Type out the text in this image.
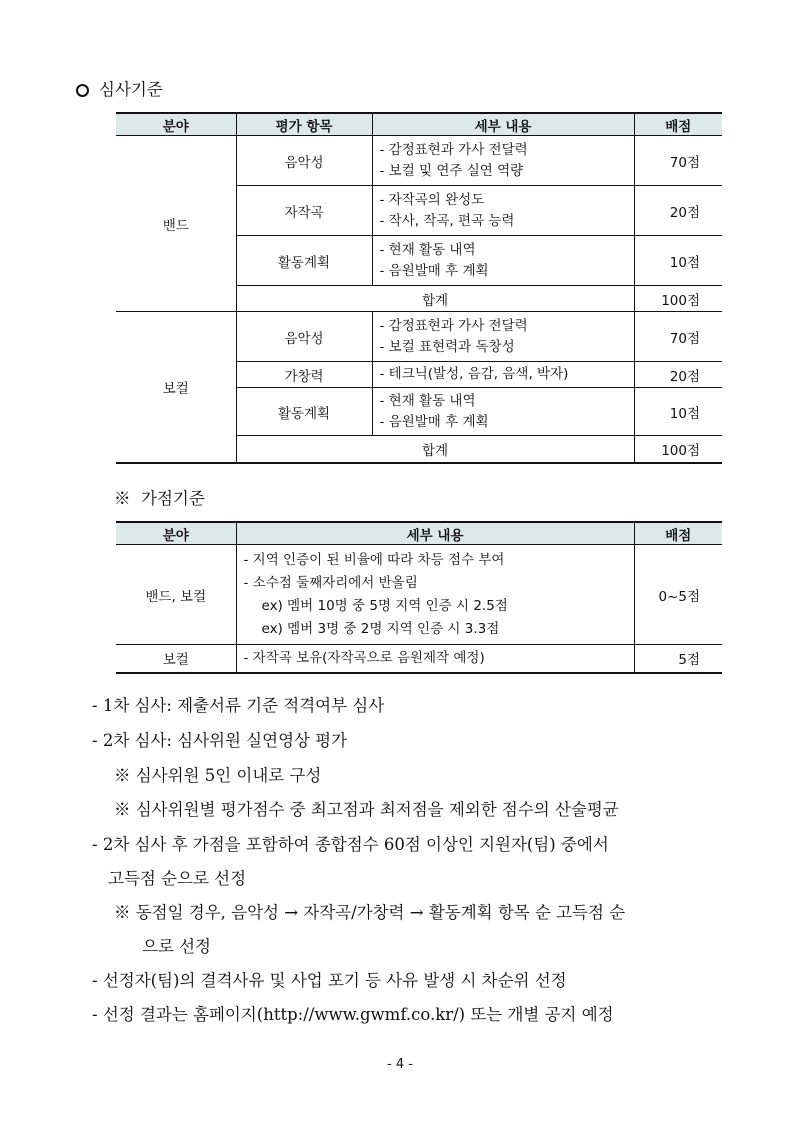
심사기준
분야	평가 항목	세부 내용	배점
밴드	음악성	- 감정표현과 가사 전달력
- 보컬 및 연주 실연 역량	70점
	자작곡	- 자작곡의 완성도
- 작사, 작곡, 편곡 능력	20점
	활동계획	- 현재 활동 내역
- 음원발매 후 계획	10점
	합계		100점
보컬	음악성	- 감정표현과 가사 전달력
- 보컬 표현력과 독창성	70점
	가창력	- 테크닉(발성, 음감, 음색, 박자)	20점
	활동계획	- 현재 활동 내역
- 음원발매 후 계획	10점
	합계		100점
※ 가점기준
분야	세부 내용	배점
밴드, 보컬	- 지역 인증이 된 비율에 따라 차등 점수 부여
- 소수점 둘째자리에서 반올림
ex) 멤버 10명 중 5명 지역 인증 시 2.5점
ex) 멤버 3명 중 2명 지역 인증 시 3.3점	0~5점
보컬	- 자작곡 보유(자작곡으로 음원제작 예정)	5점
- 1차 심사: 제출서류 기준 적격여부 심사
- 2차 심사: 심사위원 실연영상 평가
※ 심사위원 5인 이내로 구성
※ 심사위원별 평가점수 중 최고점과 최저점을 제외한 점수의 산술평균
- 2차 심사 후 가점을 포함하여 종합점수 60점 이상인 지원자(팀) 중에서
고득점 순으로 선정
※ 동점일 경우, 음악성 → 자작곡/가창력 → 활동계획 항목 순 고득점 순
으로 선정
- 선정자(팀)의 결격사유 및 사업 포기 등 사유 발생 시 차순위 선정
- 선정 결과는 홈페이지(http://www.gwmf.co.kr/) 또는 개별 공지 예정
- 4 -
